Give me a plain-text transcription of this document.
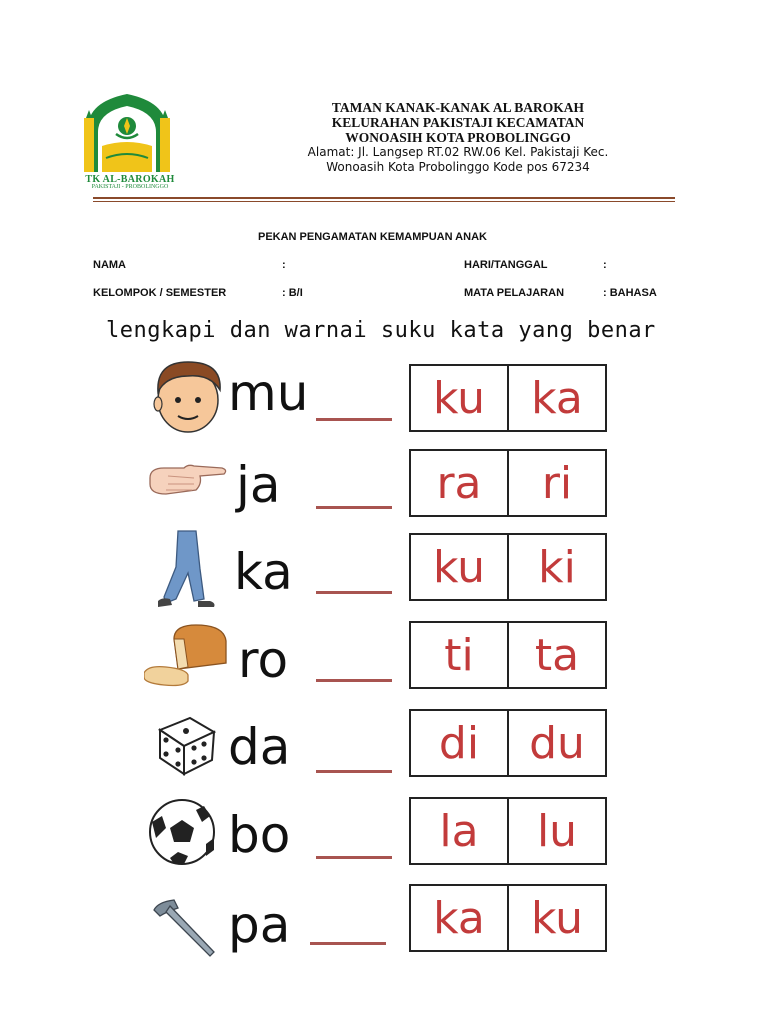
TK AL-BAROKAH
PAKISTAJI - PROBOLINGGO
TAMAN KANAK-KANAK AL BAROKAH
KELURAHAN PAKISTAJI KECAMATAN
WONOASIH KOTA PROBOLINGGO
Alamat: Jl. Langsep RT.02 RW.06 Kel. Pakistaji Kec.
Wonoasih Kota Probolinggo Kode pos 67234
PEKAN PENGAMATAN KEMAMPUAN ANAK
NAMA	:	HARI/TANGGAL	:
KELOMPOK / SEMESTER	: B/I	MATA PELAJARAN	: BAHASA
lengkapi dan warnai suku kata yang benar
mu	ku	ka
ja	ra	ri
ka	ku	ki
ro	ti	ta
da	di	du
bo	la	lu
pa	ka	ku
